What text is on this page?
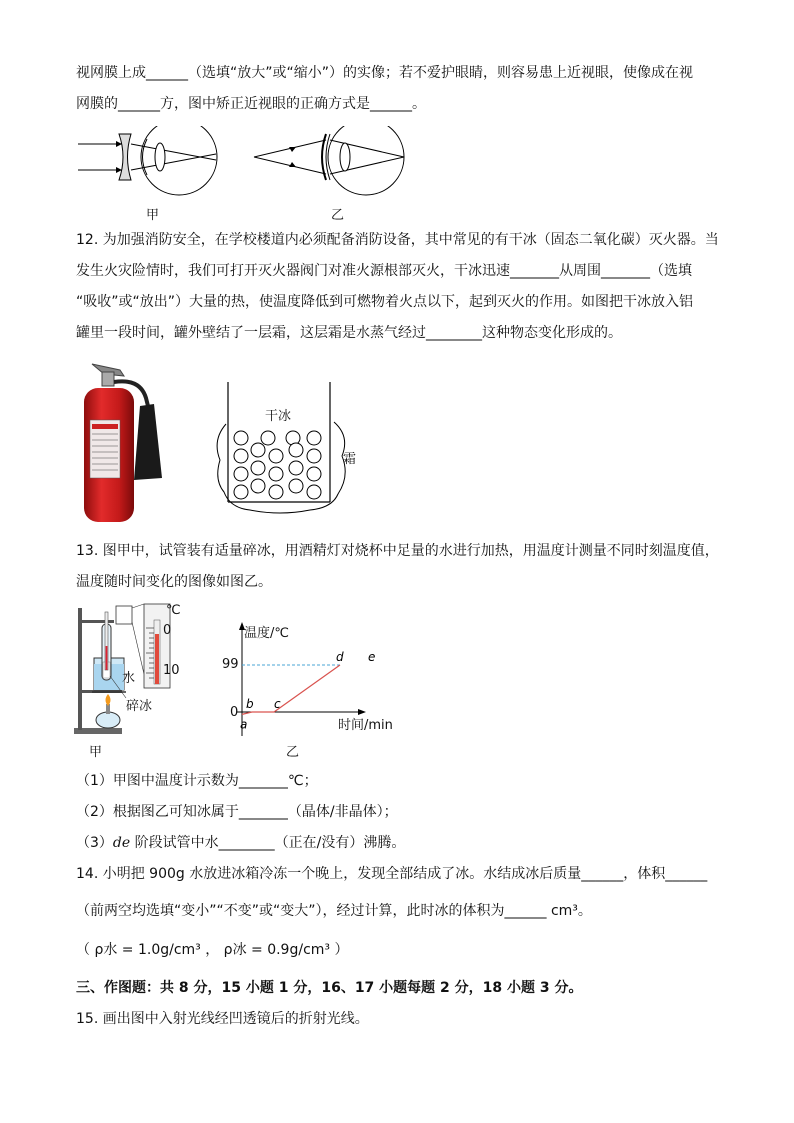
视网膜上成______（选填“放大”或“缩小”）的实像；若不爱护眼睛，则容易患上近视眼，使像成在视
网膜的______方，图中矫正近视眼的正确方式是______。
甲	乙
12. 为加强消防安全，在学校楼道内必须配备消防设备，其中常见的有干冰（固态二氧化碳）灭火器。当
发生火灾险情时，我们可打开灭火器阀门对准火源根部灭火，干冰迅速_______从周围_______（选填
“吸收”或“放出”）大量的热，使温度降低到可燃物着火点以下，起到灭火的作用。如图把干冰放入铝
罐里一段时间，罐外壁结了一层霜，这层霜是水蒸气经过________这种物态变化形成的。
干冰
霜
13. 图甲中，试管装有适量碎冰，用酒精灯对烧杯中足量的水进行加热，用温度计测量不同时刻温度值，
温度随时间变化的图像如图乙。
℃
0
10
水
碎冰
甲
a
b c
d e
温度/℃
时间/min
99
0
乙
（1）甲图中温度计示数为_______℃；
（2）根据图乙可知冰属于_______（晶体/非晶体）；
（3）de 阶段试管中水________（正在/没有）沸腾。
14. 小明把 900g 水放进冰箱冷冻一个晚上，发现全部结成了冰。水结成冰后质量______，体积______
（前两空均选填“变小”“不变”或“变大”），经过计算，此时冰的体积为______ cm³。
（ ρ水 = 1.0g/cm³ ， ρ冰 = 0.9g/cm³ ）
三、作图题：共 8 分，15 小题 1 分，16、17 小题每题 2 分，18 小题 3 分。
15. 画出图中入射光线经凹透镜后的折射光线。
